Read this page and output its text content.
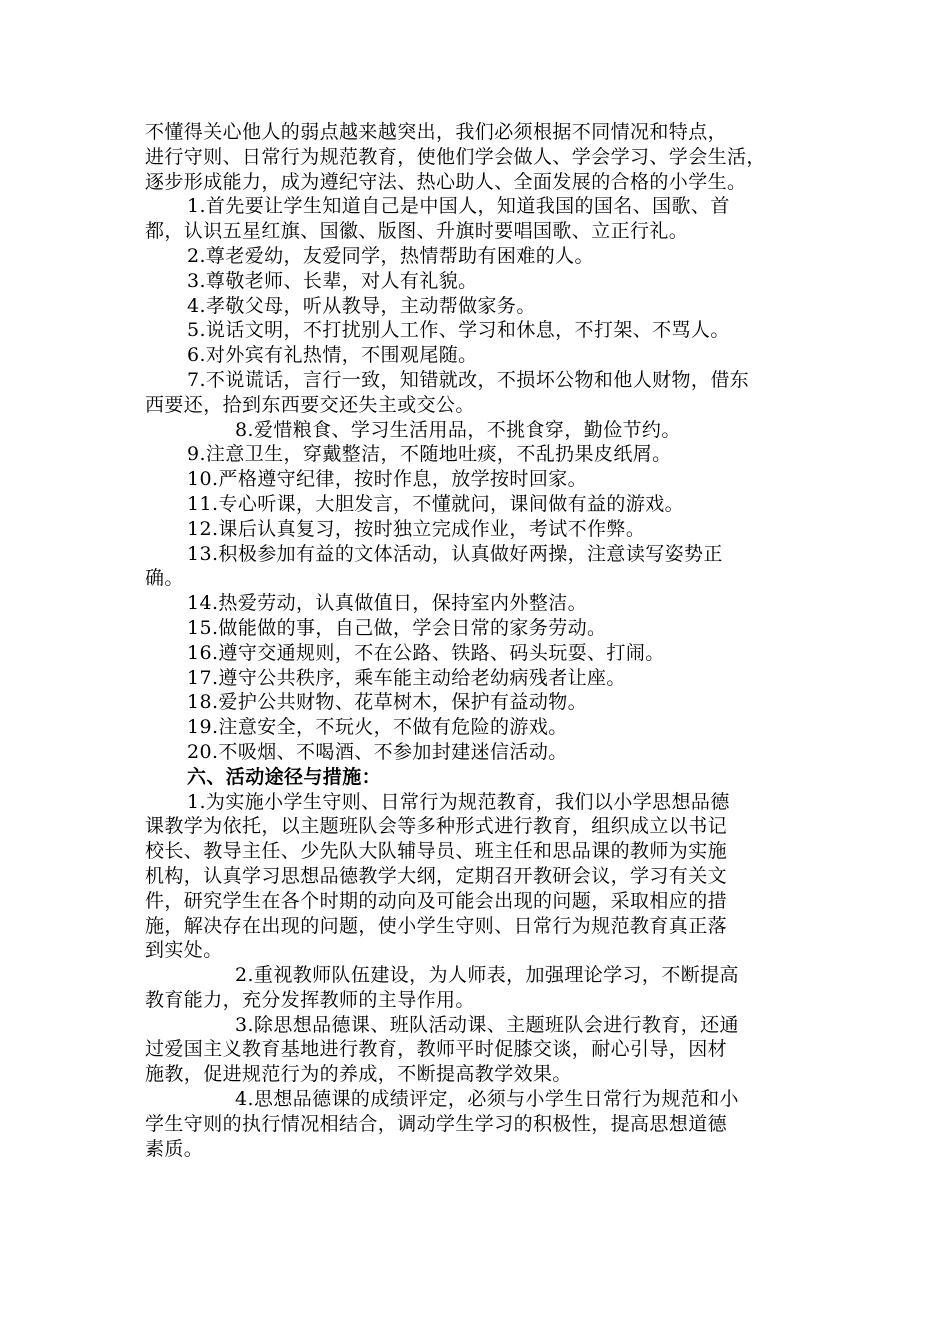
不懂得关心他人的弱点越来越突出，我们必须根据不同情况和特点，
进行守则、日常行为规范教育，使他们学会做人、学会学习、学会生活，
逐步形成能力，成为遵纪守法、热心助人、全面发展的合格的小学生。
1.首先要让学生知道自己是中国人，知道我国的国名、国歌、首
都，认识五星红旗、国徽、版图、升旗时要唱国歌、立正行礼。
2.尊老爱幼，友爱同学，热情帮助有困难的人。
3.尊敬老师、长辈，对人有礼貌。
4.孝敬父母，听从教导，主动帮做家务。
5.说话文明，不打扰别人工作、学习和休息，不打架、不骂人。
6.对外宾有礼热情，不围观尾随。
7.不说谎话，言行一致，知错就改，不损坏公物和他人财物，借东
西要还，拾到东西要交还失主或交公。
8.爱惜粮食、学习生活用品，不挑食穿，勤俭节约。
9.注意卫生，穿戴整洁，不随地吐痰，不乱扔果皮纸屑。
10.严格遵守纪律，按时作息，放学按时回家。
11.专心听课，大胆发言，不懂就问，课间做有益的游戏。
12.课后认真复习，按时独立完成作业，考试不作弊。
13.积极参加有益的文体活动，认真做好两操，注意读写姿势正
确。
14.热爱劳动，认真做值日，保持室内外整洁。
15.做能做的事，自己做，学会日常的家务劳动。
16.遵守交通规则，不在公路、铁路、码头玩耍、打闹。
17.遵守公共秩序，乘车能主动给老幼病残者让座。
18.爱护公共财物、花草树木，保护有益动物。
19.注意安全，不玩火，不做有危险的游戏。
20.不吸烟、不喝酒、不参加封建迷信活动。
六、活动途径与措施：
1.为实施小学生守则、日常行为规范教育，我们以小学思想品德
课教学为依托，以主题班队会等多种形式进行教育，组织成立以书记
校长、教导主任、少先队大队辅导员、班主任和思品课的教师为实施
机构，认真学习思想品德教学大纲，定期召开教研会议，学习有关文
件，研究学生在各个时期的动向及可能会出现的问题，采取相应的措
施，解决存在出现的问题，使小学生守则、日常行为规范教育真正落
到实处。
2.重视教师队伍建设，为人师表，加强理论学习，不断提高
教育能力，充分发挥教师的主导作用。
3.除思想品德课、班队活动课、主题班队会进行教育，还通
过爱国主义教育基地进行教育，教师平时促膝交谈，耐心引导，因材
施教，促进规范行为的养成，不断提高教学效果。
4.思想品德课的成绩评定，必须与小学生日常行为规范和小
学生守则的执行情况相结合，调动学生学习的积极性，提高思想道德
素质。
